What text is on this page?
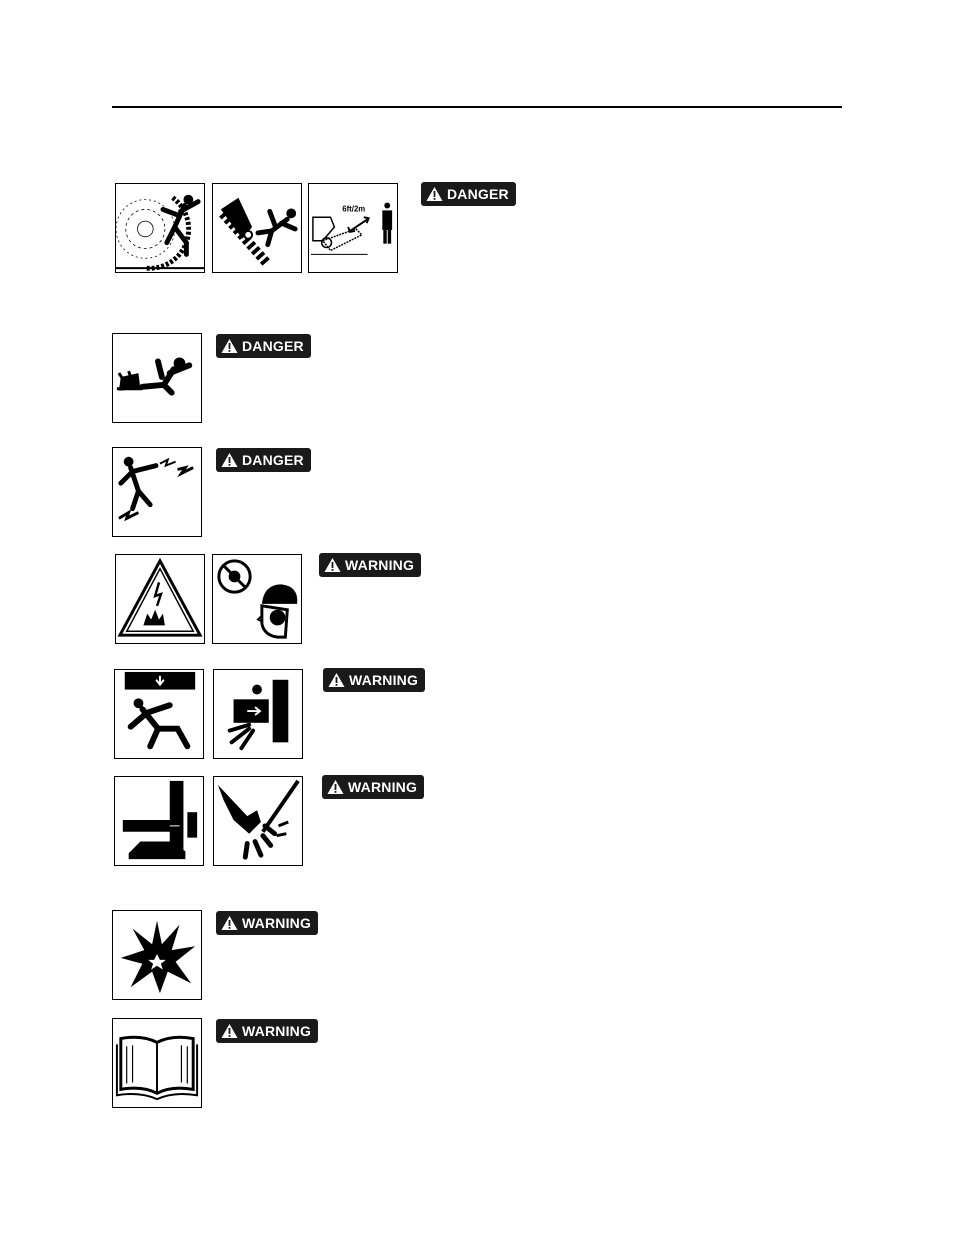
6ft/2m
DANGER
DANGER
DANGER
WARNING
WARNING
WARNING
WARNING
WARNING
